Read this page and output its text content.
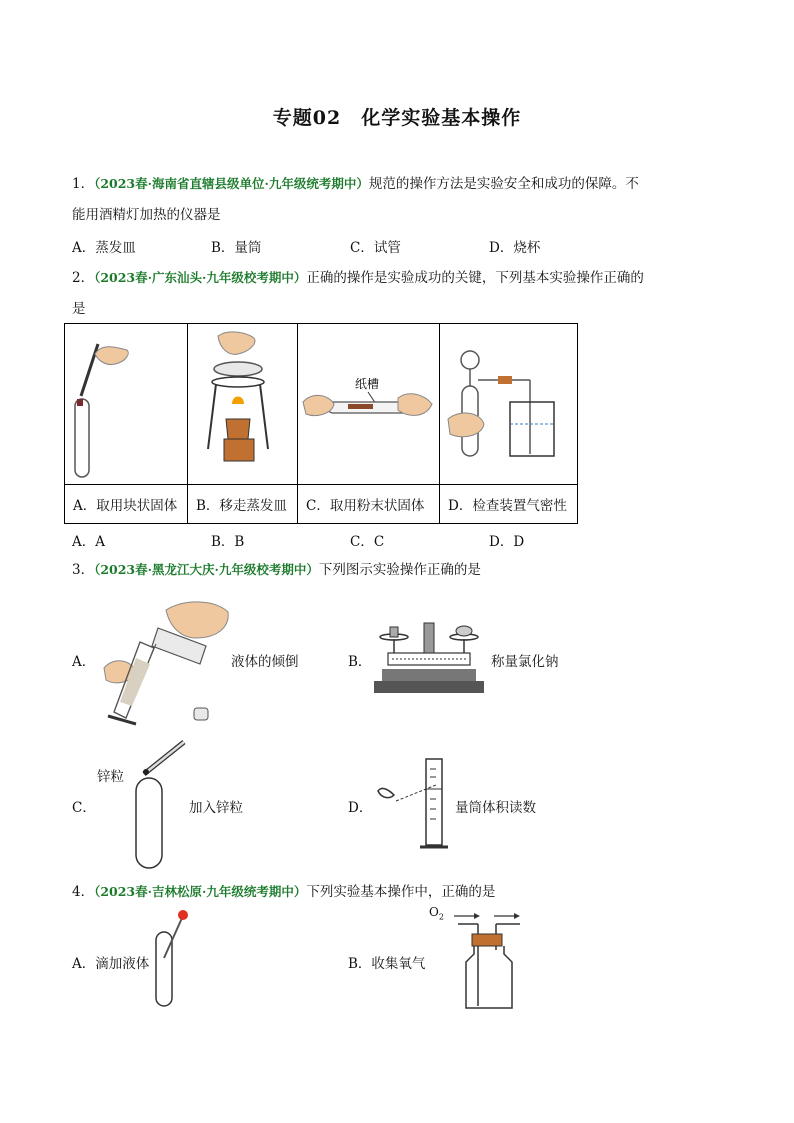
专题02　化学实验基本操作
1．（2023春·海南省直辖县级单位·九年级统考期中）规范的操作方法是实验安全和成功的保障。不
能用酒精灯加热的仪器是
A．蒸发皿	B．量筒	C．试管	D．烧杯
2．（2023春·广东汕头·九年级校考期中）正确的操作是实验成功的关键，下列基本实验操作正确的
是

纸槽

A．取用块状固体	B．移走蒸发皿	C．取用粉末状固体	D．检查装置气密性
A．A	B．B	C．C	D．D
3．（2023春·黑龙江大庆·九年级校考期中）下列图示实验操作正确的是
A．	液体的倾倒	B．	称量氯化钠
锌粒
C．	加入锌粒	D．	量筒体积读数
4．（2023春·吉林松原·九年级统考期中）下列实验基本操作中，正确的是
A．滴加液体	B．收集氧气
$O_2$
